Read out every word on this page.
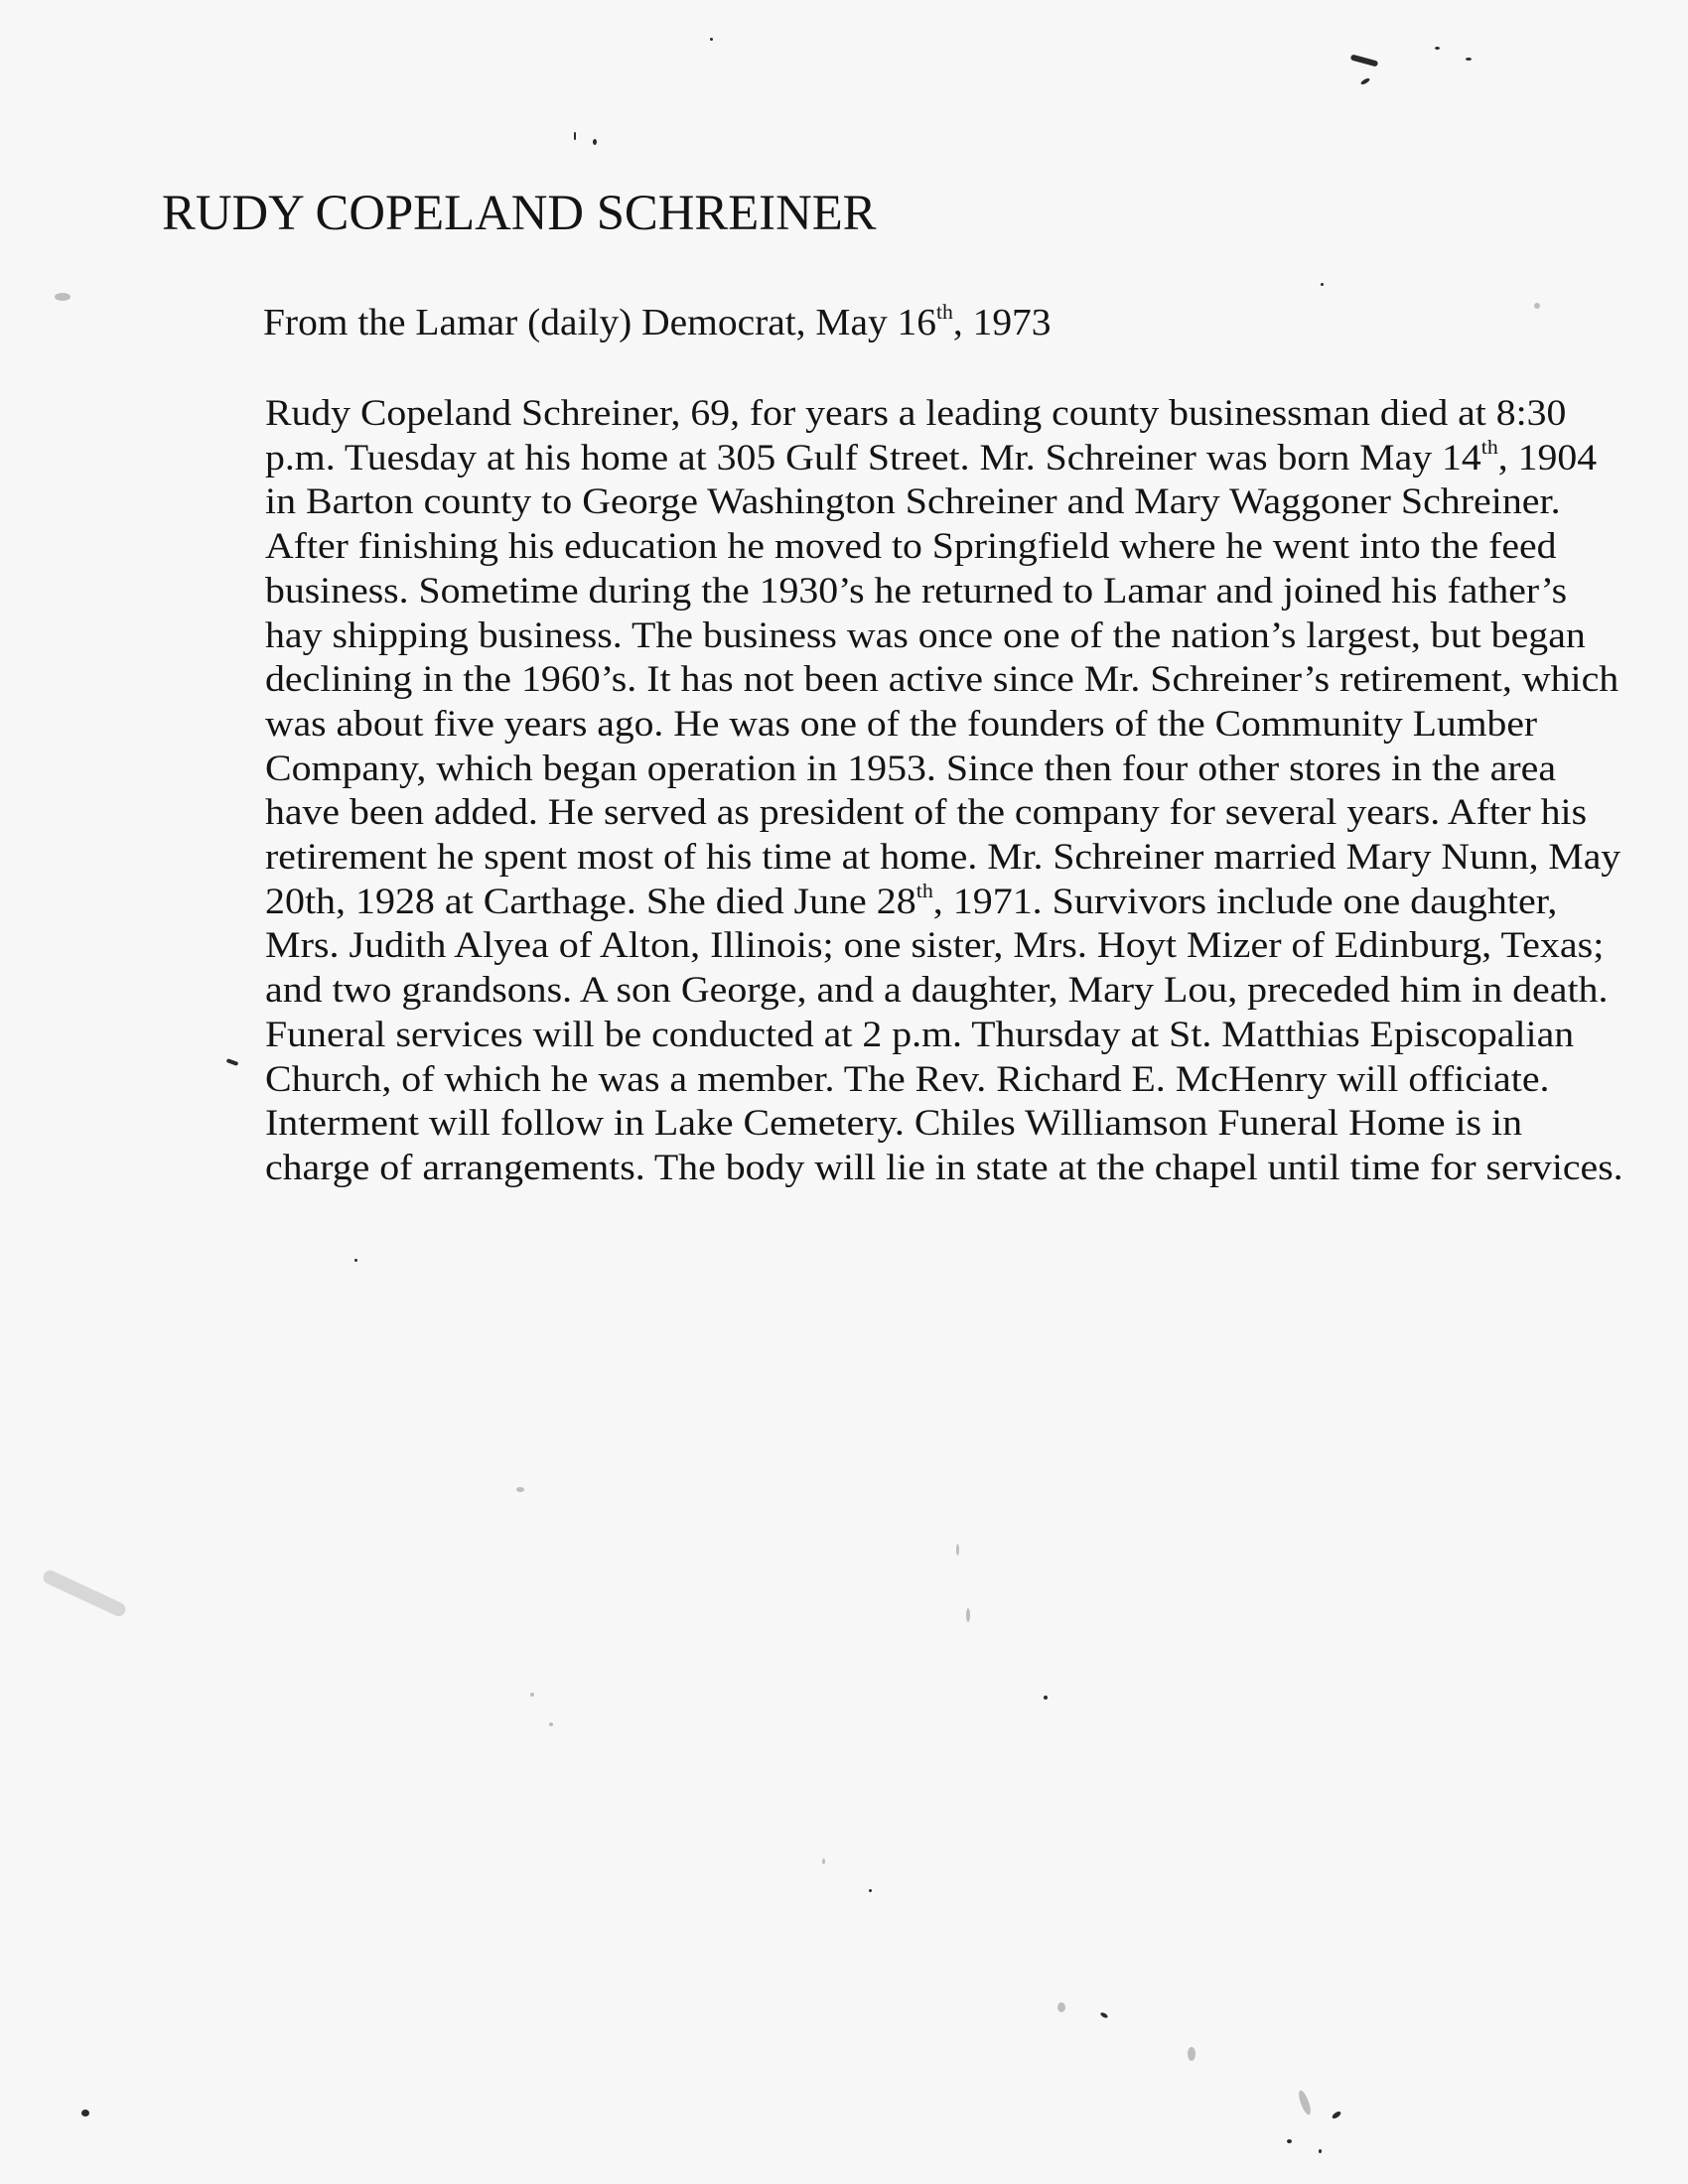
RUDY COPELAND SCHREINER
From the Lamar (daily) Democrat, May 16th, 1973
Rudy Copeland Schreiner, 69, for years a leading county businessman died at 8:30
p.m. Tuesday at his home at 305 Gulf Street. Mr. Schreiner was born May 14th, 1904
in Barton county to George Washington Schreiner and Mary Waggoner Schreiner.
After finishing his education he moved to Springfield where he went into the feed
business. Sometime during the 1930’s he returned to Lamar and joined his father’s
hay shipping business. The business was once one of the nation’s largest, but began
declining in the 1960’s. It has not been active since Mr. Schreiner’s retirement, which
was about five years ago. He was one of the founders of the Community Lumber
Company, which began operation in 1953. Since then four other stores in the area
have been added. He served as president of the company for several years. After his
retirement he spent most of his time at home. Mr. Schreiner married Mary Nunn, May
20th, 1928 at Carthage. She died June 28th, 1971. Survivors include one daughter,
Mrs. Judith Alyea of Alton, Illinois; one sister, Mrs. Hoyt Mizer of Edinburg, Texas;
and two grandsons. A son George, and a daughter, Mary Lou, preceded him in death.
Funeral services will be conducted at 2 p.m. Thursday at St. Matthias Episcopalian
Church, of which he was a member. The Rev. Richard E. McHenry will officiate.
Interment will follow in Lake Cemetery. Chiles Williamson Funeral Home is in
charge of arrangements. The body will lie in state at the chapel until time for services.
